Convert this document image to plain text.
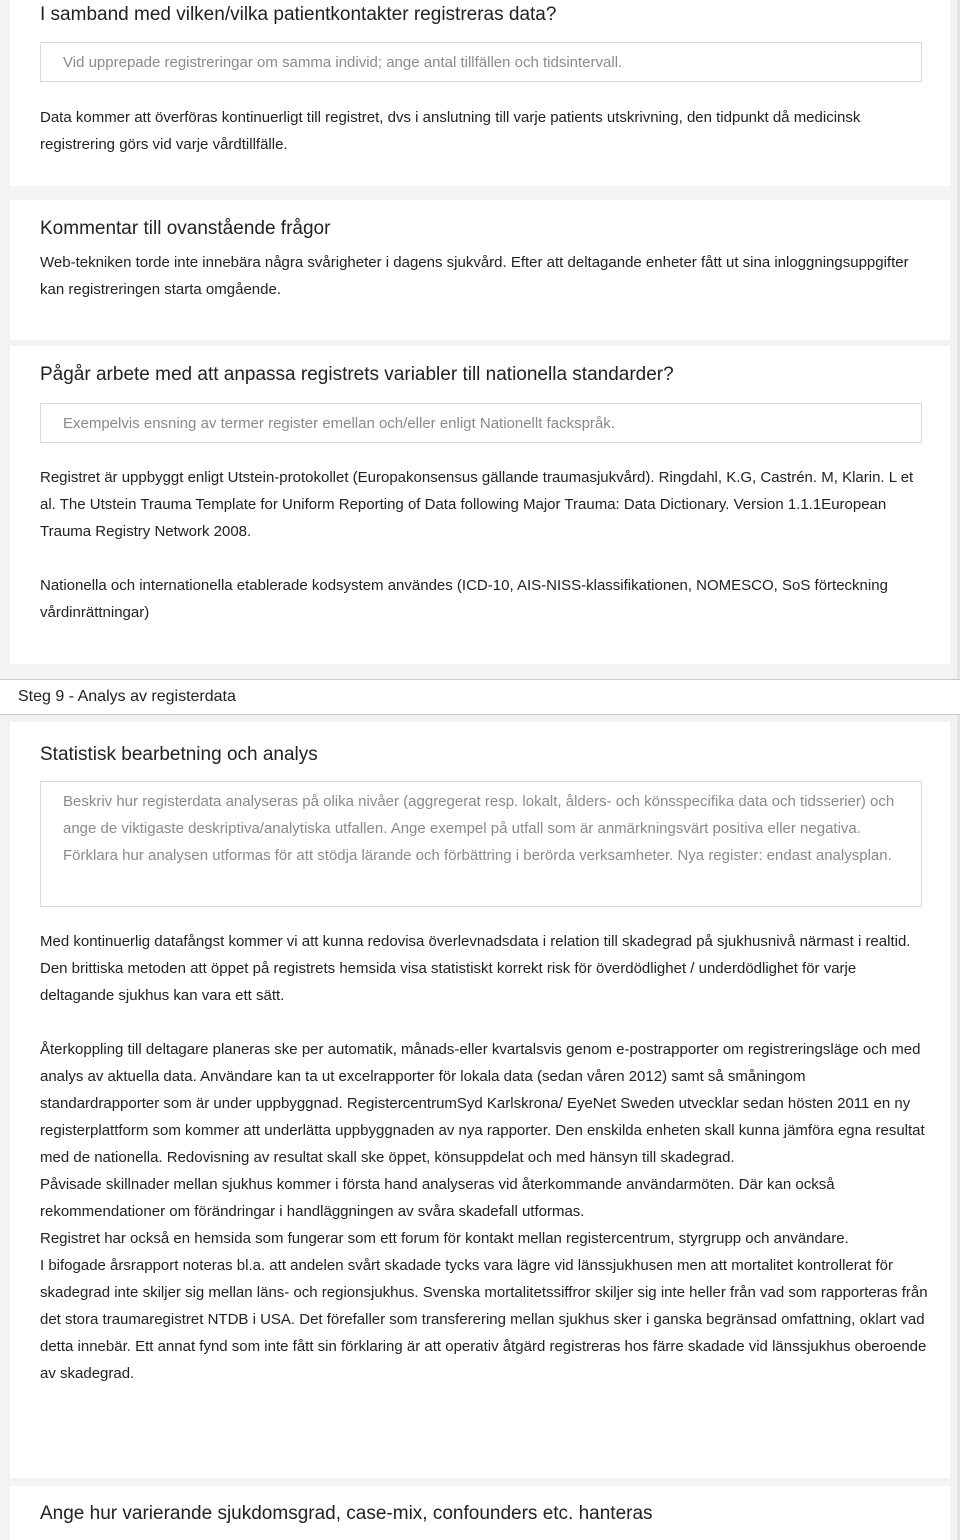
I samband med vilken/vilka patientkontakter registreras data?
Vid upprepade registreringar om samma individ; ange antal tillfällen och tidsintervall.
Data kommer att överföras kontinuerligt till registret, dvs i anslutning till varje patients utskrivning, den tidpunkt då medicinsk registrering görs vid varje vårdtillfälle.
Kommentar till ovanstående frågor
Web-tekniken torde inte innebära några svårigheter i dagens sjukvård. Efter att deltagande enheter fått ut sina inloggningsuppgifter kan registreringen starta omgående.
Pågår arbete med att anpassa registrets variabler till nationella standarder?
Exempelvis ensning av termer register emellan och/eller enligt Nationellt fackspråk.

Registret är uppbyggt enligt Utstein-protokollet (Europakonsensus gällande traumasjukvård). Ringdahl, K.G, Castrén. M, Klarin. L et al. The Utstein Trauma Template for Uniform Reporting of Data following Major Trauma: Data Dictionary. Version 1.1.1European Trauma Registry Network 2008.

Nationella och internationella etablerade kodsystem användes (ICD-10, AIS-NISS-klassifikationen, NOMESCO, SoS förteckning vårdinrättningar)

Steg 9 - Analys av registerdata
Statistisk bearbetning och analys
Beskriv hur registerdata analyseras på olika nivåer (aggregerat resp. lokalt, ålders- och könsspecifika data och tidsserier) och ange de viktigaste deskriptiva/analytiska utfallen. Ange exempel på utfall som är anmärkningsvärt positiva eller negativa. Förklara hur analysen utformas för att stödja lärande och förbättring i berörda verksamheter. Nya register: endast analysplan.

Med kontinuerlig datafångst kommer vi att kunna redovisa överlevnadsdata i relation till skadegrad på sjukhusnivå närmast i realtid. Den brittiska metoden att öppet på registrets hemsida visa statistiskt korrekt risk för överdödlighet / underdödlighet för varje deltagande sjukhus kan vara ett sätt.

Återkoppling till deltagare planeras ske per automatik, månads-eller kvartalsvis genom e-postrapporter om registreringsläge och med analys av aktuella data. Användare kan ta ut excelrapporter för lokala data (sedan våren 2012) samt så småningom standardrapporter som är under uppbyggnad. RegistercentrumSyd Karlskrona/ EyeNet Sweden utvecklar sedan hösten 2011 en ny registerplattform som kommer att underlätta uppbyggnaden av nya rapporter. Den enskilda enheten skall kunna jämföra egna resultat med de nationella. Redovisning av resultat skall ske öppet, könsuppdelat och med hänsyn till skadegrad.

Påvisade skillnader mellan sjukhus kommer i första hand analyseras vid återkommande användarmöten. Där kan också rekommendationer om förändringar i handläggningen av svåra skadefall utformas.

Registret har också en hemsida som fungerar som ett forum för kontakt mellan registercentrum, styrgrupp och användare.

I bifogade årsrapport noteras bl.a. att andelen svårt skadade tycks vara lägre vid länssjukhusen men att mortalitet kontrollerat för skadegrad inte skiljer sig mellan läns- och regionsjukhus. Svenska mortalitetssiffror skiljer sig inte heller från vad som rapporteras från det stora traumaregistret NTDB i USA. Det förefaller som transferering mellan sjukhus sker i ganska begränsad omfattning, oklart vad detta innebär. Ett annat fynd som inte fått sin förklaring är att operativ åtgärd registreras hos färre skadade vid länssjukhus oberoende av skadegrad.

Ange hur varierande sjukdomsgrad, case-mix, confounders etc. hanteras
